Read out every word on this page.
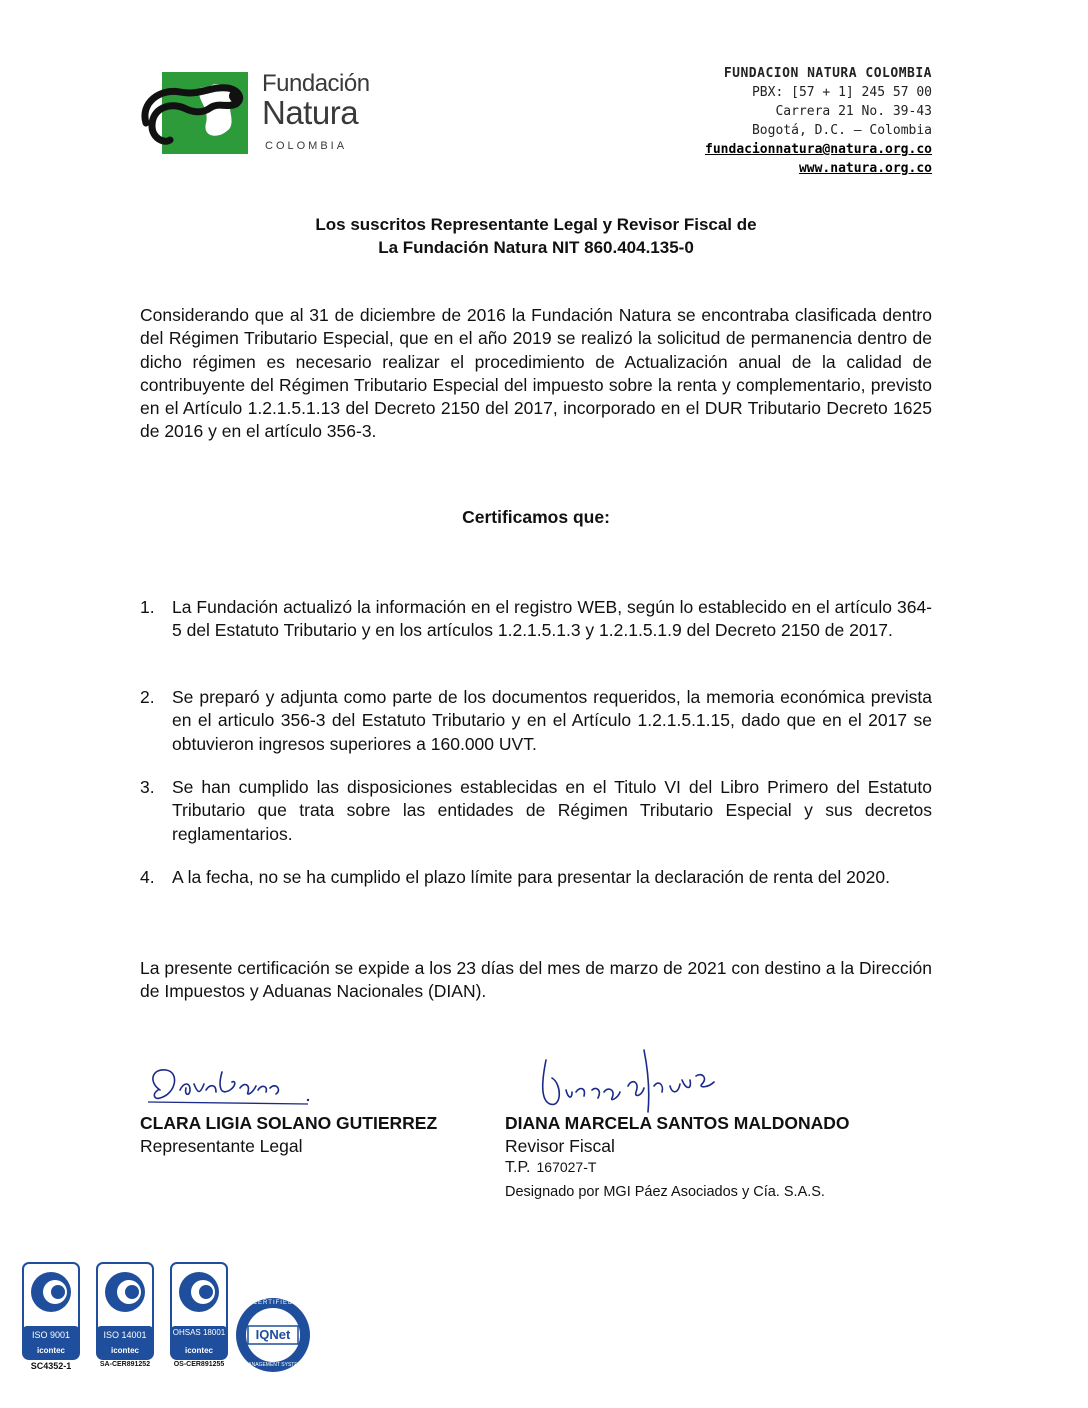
Fundación
Natura
COLOMBIA
FUNDACION NATURA COLOMBIA
PBX: [57 + 1] 245 57 00
Carrera 21 No. 39-43
Bogotá, D.C. – Colombia
fundacionnatura@natura.org.co
www.natura.org.co
Los suscritos Representante Legal y Revisor Fiscal de
La Fundación Natura NIT 860.404.135-0
Considerando que al 31 de diciembre de 2016 la Fundación Natura se encontraba clasificada dentro del Régimen Tributario Especial, que en el año 2019 se realizó la solicitud de permanencia dentro de dicho régimen es necesario realizar el procedimiento de Actualización anual de la calidad de contribuyente del Régimen Tributario Especial del impuesto sobre la renta y complementario, previsto en el Artículo 1.2.1.5.1.13 del Decreto 2150 del 2017, incorporado en el DUR Tributario Decreto 1625 de 2016 y en el artículo 356-3.
Certificamos que:
1. La Fundación actualizó la información en el registro WEB, según lo establecido en el artículo 364-5 del Estatuto Tributario y en los artículos 1.2.1.5.1.3 y 1.2.1.5.1.9 del Decreto 2150 de 2017.
2. Se preparó y adjunta como parte de los documentos requeridos, la memoria económica prevista en el articulo 356-3 del Estatuto Tributario y en el Artículo 1.2.1.5.1.15, dado que en el 2017 se obtuvieron ingresos superiores a 160.000 UVT.
3. Se han cumplido las disposiciones establecidas en el Titulo VI del Libro Primero del Estatuto Tributario que trata sobre las entidades de Régimen Tributario Especial y sus decretos reglamentarios.
4. A la fecha, no se ha cumplido el plazo límite para presentar la declaración de renta del 2020.
La presente certificación se expide a los 23 días del mes de marzo de 2021 con destino a la Dirección de Impuestos y Aduanas Nacionales (DIAN).
CLARA LIGIA SOLANO GUTIERREZ
Representante Legal
DIANA MARCELA SANTOS MALDONADO
Revisor Fiscal
T.P. 167027-T
Designado por MGI Páez Asociados y Cía. S.A.S.
ISO 9001
icontec
SC4352-1
ISO 14001
icontec
SA-CER891252
OHSAS 18001
icontec
OS-CER891255
IQNet
CERTIFIED
MANAGEMENT SYSTEM
